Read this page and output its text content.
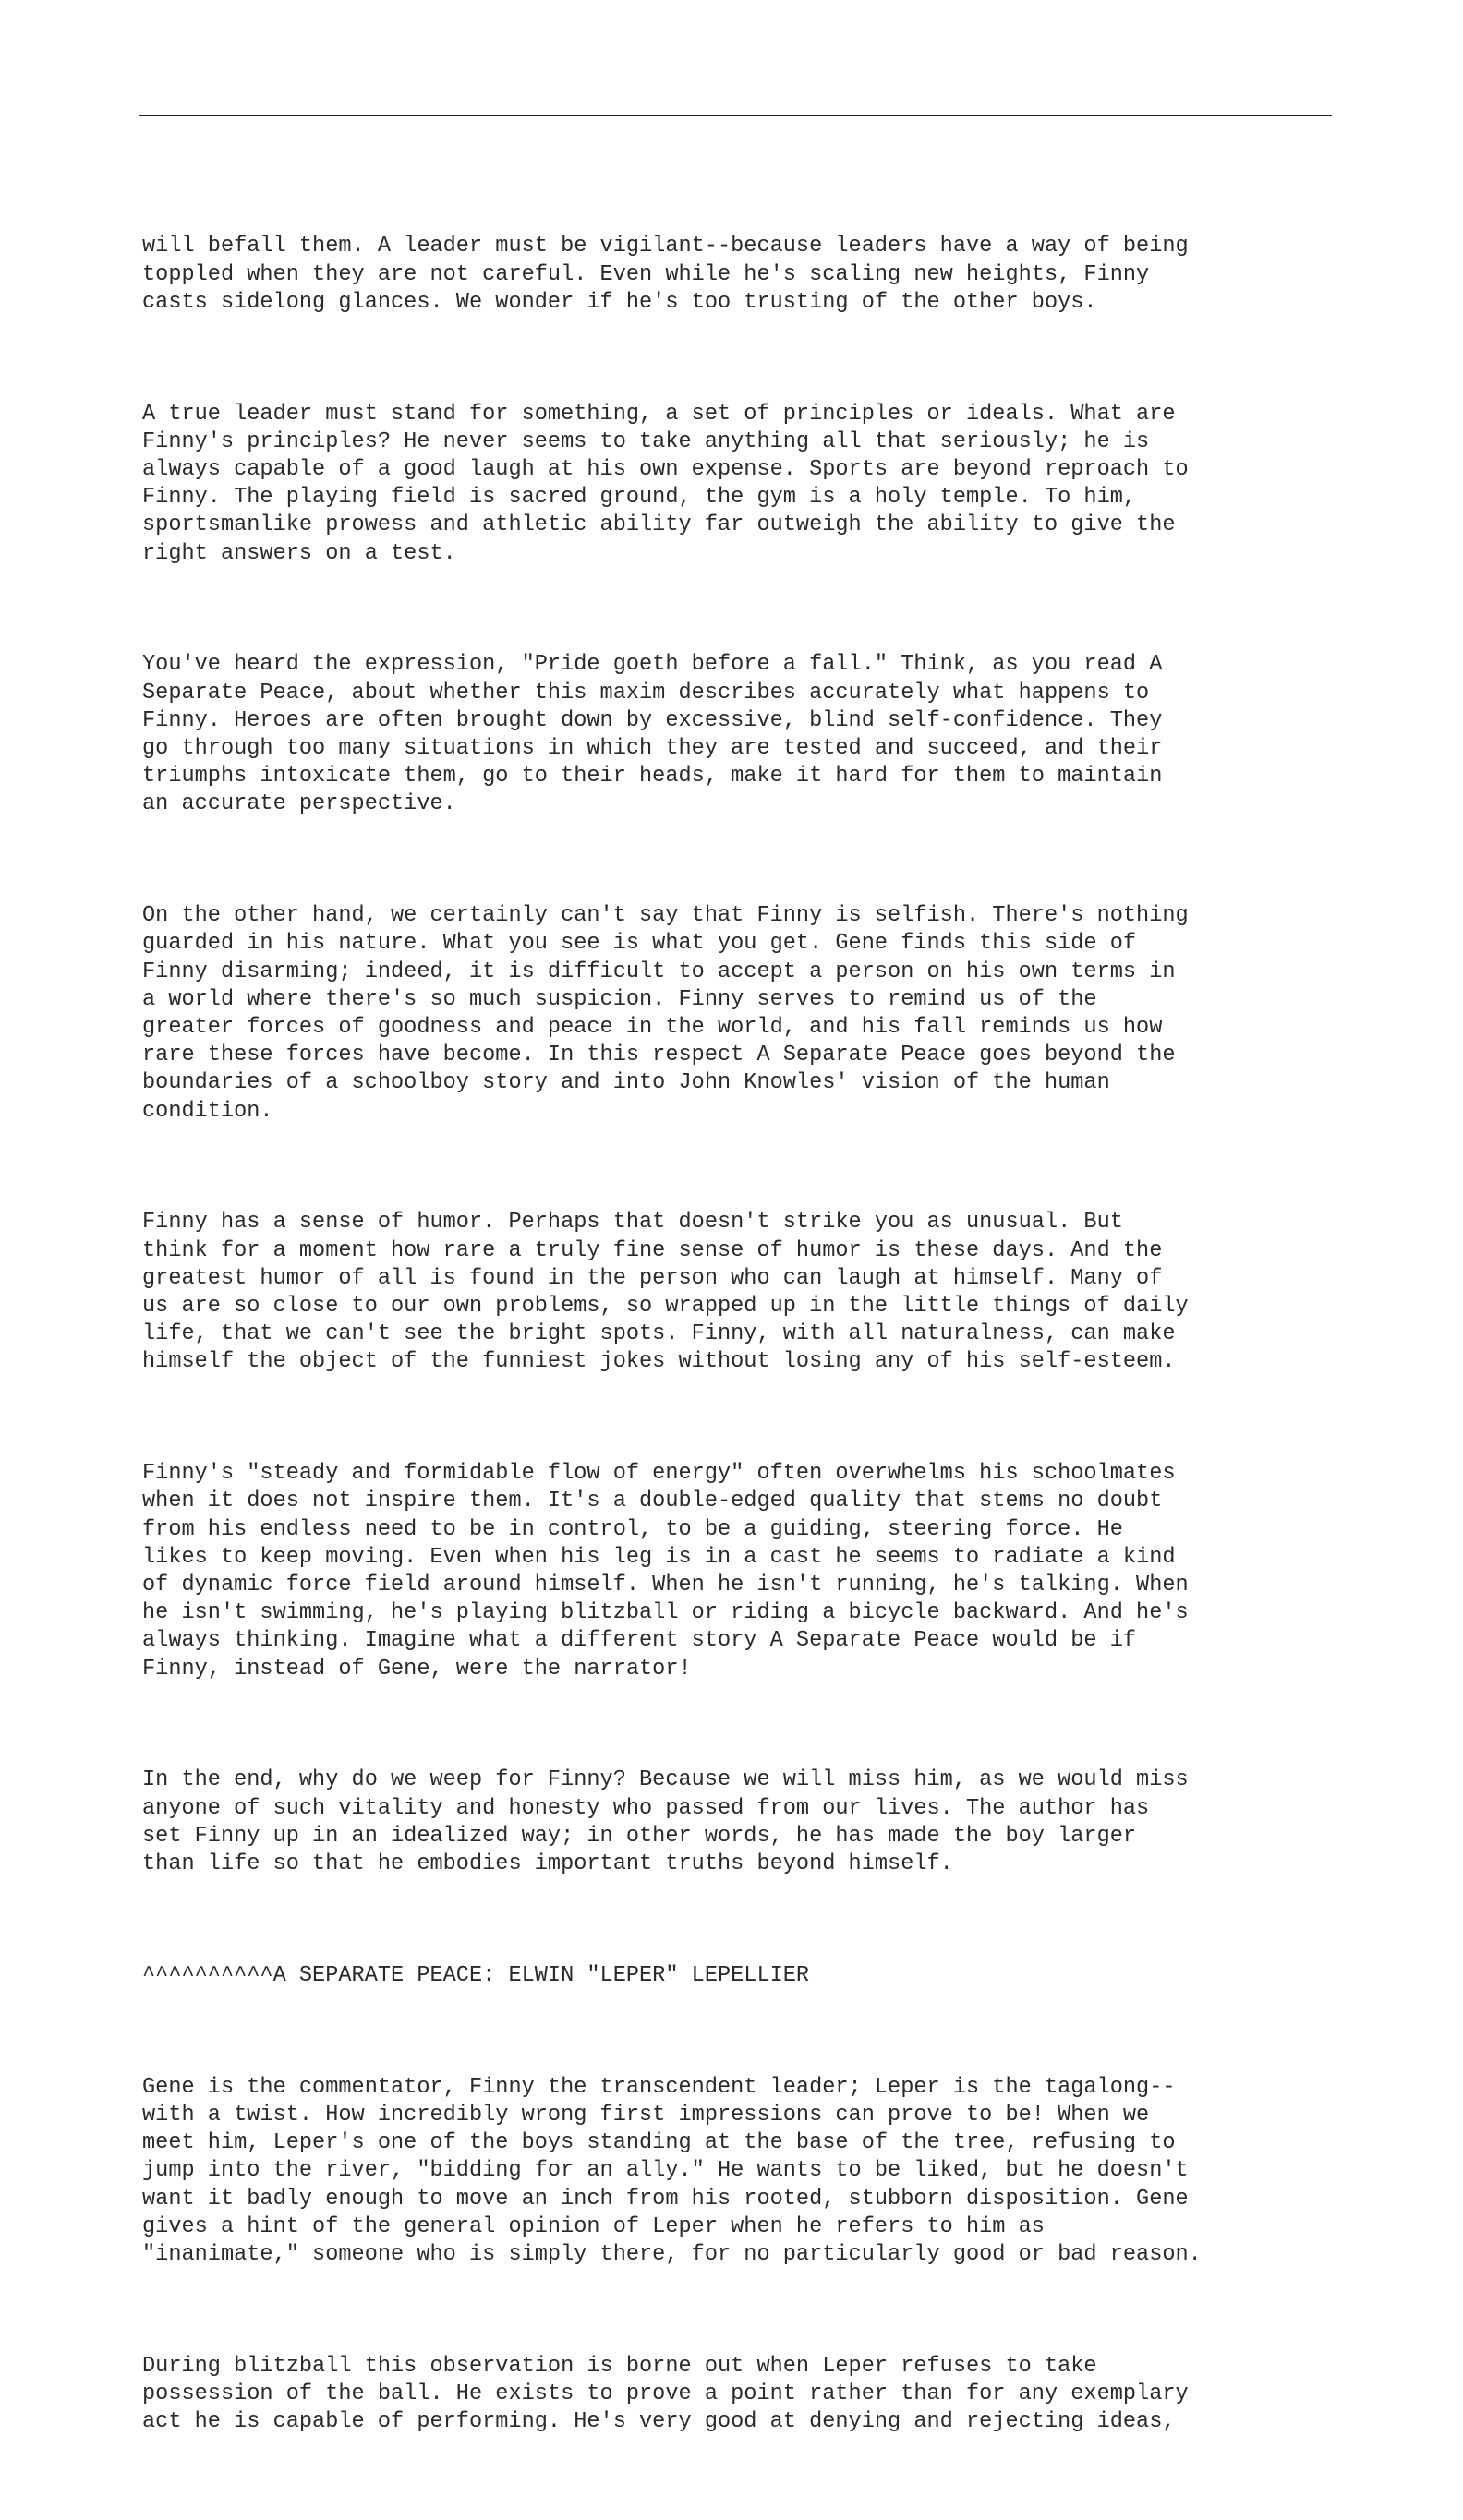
will befall them. A leader must be vigilant--because leaders have a way of being
toppled when they are not careful. Even while he's scaling new heights, Finny
casts sidelong glances. We wonder if he's too trusting of the other boys.

A true leader must stand for something, a set of principles or ideals. What are
Finny's principles? He never seems to take anything all that seriously; he is
always capable of a good laugh at his own expense. Sports are beyond reproach to
Finny. The playing field is sacred ground, the gym is a holy temple. To him,
sportsmanlike prowess and athletic ability far outweigh the ability to give the
right answers on a test.

You've heard the expression, "Pride goeth before a fall." Think, as you read A
Separate Peace, about whether this maxim describes accurately what happens to
Finny. Heroes are often brought down by excessive, blind self-confidence. They
go through too many situations in which they are tested and succeed, and their
triumphs intoxicate them, go to their heads, make it hard for them to maintain
an accurate perspective.

On the other hand, we certainly can't say that Finny is selfish. There's nothing
guarded in his nature. What you see is what you get. Gene finds this side of
Finny disarming; indeed, it is difficult to accept a person on his own terms in
a world where there's so much suspicion. Finny serves to remind us of the
greater forces of goodness and peace in the world, and his fall reminds us how
rare these forces have become. In this respect A Separate Peace goes beyond the
boundaries of a schoolboy story and into John Knowles' vision of the human
condition.

Finny has a sense of humor. Perhaps that doesn't strike you as unusual. But
think for a moment how rare a truly fine sense of humor is these days. And the
greatest humor of all is found in the person who can laugh at himself. Many of
us are so close to our own problems, so wrapped up in the little things of daily
life, that we can't see the bright spots. Finny, with all naturalness, can make
himself the object of the funniest jokes without losing any of his self-esteem.

Finny's "steady and formidable flow of energy" often overwhelms his schoolmates
when it does not inspire them. It's a double-edged quality that stems no doubt
from his endless need to be in control, to be a guiding, steering force. He
likes to keep moving. Even when his leg is in a cast he seems to radiate a kind
of dynamic force field around himself. When he isn't running, he's talking. When
he isn't swimming, he's playing blitzball or riding a bicycle backward. And he's
always thinking. Imagine what a different story A Separate Peace would be if
Finny, instead of Gene, were the narrator!

In the end, why do we weep for Finny? Because we will miss him, as we would miss
anyone of such vitality and honesty who passed from our lives. The author has
set Finny up in an idealized way; in other words, he has made the boy larger
than life so that he embodies important truths beyond himself.

^^^^^^^^^^A SEPARATE PEACE: ELWIN "LEPER" LEPELLIER

Gene is the commentator, Finny the transcendent leader; Leper is the tagalong--
with a twist. How incredibly wrong first impressions can prove to be! When we
meet him, Leper's one of the boys standing at the base of the tree, refusing to
jump into the river, "bidding for an ally." He wants to be liked, but he doesn't
want it badly enough to move an inch from his rooted, stubborn disposition. Gene
gives a hint of the general opinion of Leper when he refers to him as
"inanimate," someone who is simply there, for no particularly good or bad reason.

During blitzball this observation is borne out when Leper refuses to take
possession of the ball. He exists to prove a point rather than for any exemplary
act he is capable of performing. He's very good at denying and rejecting ideas,
